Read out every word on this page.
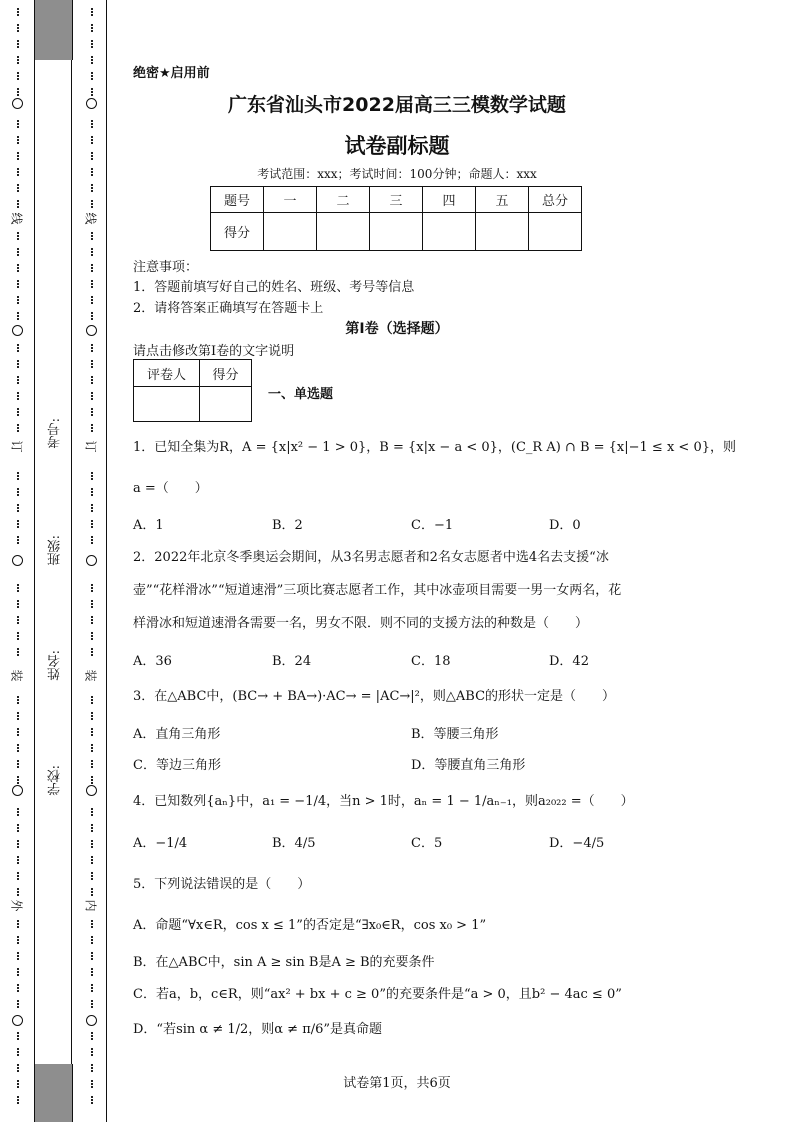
线
订
装
外
线
订
装
内
考号:
班级:
姓名:
学校:
绝密★启用前
广东省汕头市2022届高三三模数学试题
试卷副标题
考试范围：xxx；考试时间：100分钟；命题人：xxx
题号	一	二	三	四	五	总分
得分						
注意事项：
1．答题前填写好自己的姓名、班级、考号等信息
2．请将答案正确填写在答题卡上
第I卷（选择题）
请点击修改第I卷的文字说明
评卷人	得分

一、单选题
1．已知全集为R，A = {x|x² − 1 > 0}，B = {x|x − a < 0}，(C_R A) ∩ B = {x|−1 ≤ x < 0}，则
a =（　　）
A．1	B．2	C．−1	D．0
2．2022年北京冬季奥运会期间，从3名男志愿者和2名女志愿者中选4名去支援“冰
壶”“花样滑冰”“短道速滑”三项比赛志愿者工作，其中冰壶项目需要一男一女两名，花
样滑冰和短道速滑各需要一名，男女不限．则不同的支援方法的种数是（　　）
A．36	B．24	C．18	D．42
3．在△ABC中，(BC→ + BA→)·AC→ = |AC→|²，则△ABC的形状一定是（　　）
A．直角三角形	B．等腰三角形
C．等边三角形	D．等腰直角三角形
4．已知数列{aₙ}中，a₁ = −1/4，当n > 1时，aₙ = 1 − 1/aₙ₋₁，则a₂₀₂₂ =（　　）
A．−1/4	B．4/5	C．5	D．−4/5
5．下列说法错误的是（　　）
A．命题“∀x∈R，cos x ≤ 1”的否定是“∃x₀∈R，cos x₀ > 1”
B．在△ABC中，sin A ≥ sin B是A ≥ B的充要条件
C．若a，b，c∈R，则“ax² + bx + c ≥ 0”的充要条件是“a > 0，且b² − 4ac ≤ 0”
D．“若sin α ≠ 1/2，则α ≠ π/6”是真命题
试卷第1页，共6页
